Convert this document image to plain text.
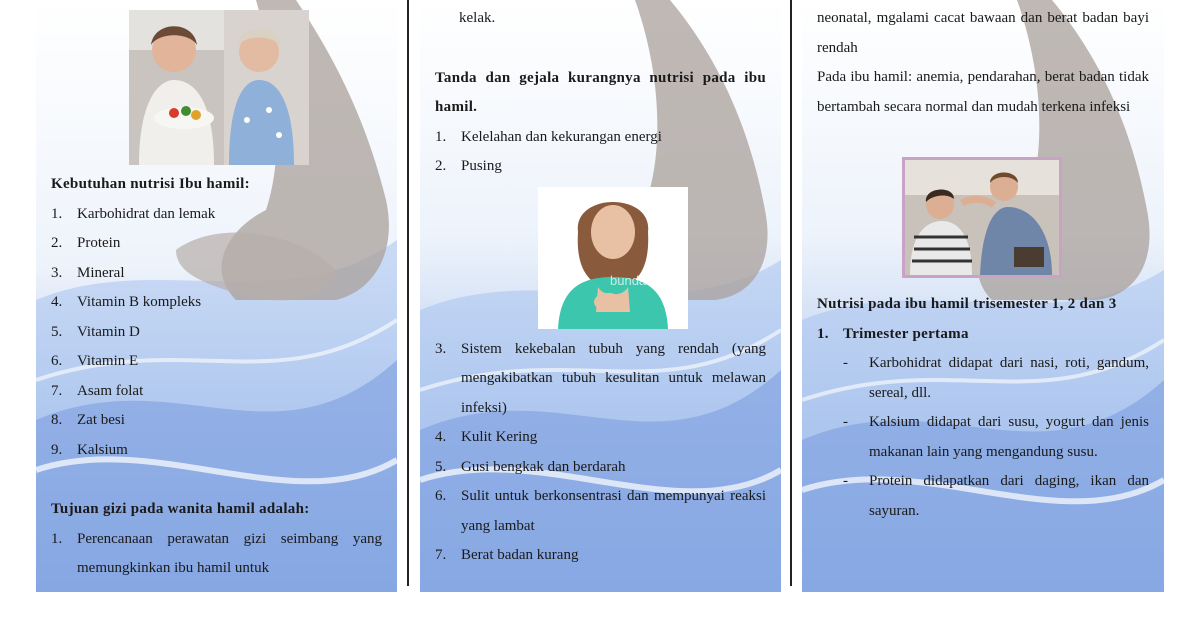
Kebutuhan nutrisi Ibu hamil:
1. Karbohidrat dan lemak
2. Protein
3. Mineral
4. Vitamin B kompleks
5. Vitamin D
6. Vitamin E
7. Asam folat
8. Zat besi
9. Kalsium
Tujuan gizi pada wanita hamil adalah:
1. Perencanaan perawatan gizi seimbang yang memungkinkan ibu hamil untuk
bunda
kelak.
Tanda dan gejala kurangnya nutrisi pada ibu hamil.
1. Kelelahan dan kekurangan energi
2. Pusing
3. Sistem kekebalan tubuh yang rendah (yang mengakibatkan tubuh kesulitan untuk melawan infeksi)
4. Kulit Kering
5. Gusi bengkak dan berdarah
6. Sulit untuk berkonsentrasi dan mempunyai reaksi yang lambat
7. Berat badan kurang
neonatal, mgalami cacat bawaan dan berat badan bayi rendah
Pada ibu hamil: anemia, pendarahan, berat badan tidak bertambah secara normal dan mudah terkena infeksi
Nutrisi pada ibu hamil trisemester 1, 2 dan 3
1. Trimester pertama
- Karbohidrat didapat dari nasi, roti, gandum, sereal, dll.
- Kalsium didapat dari susu, yogurt dan jenis makanan lain yang mengandung susu.
- Protein didapatkan dari daging, ikan dan sayuran.
